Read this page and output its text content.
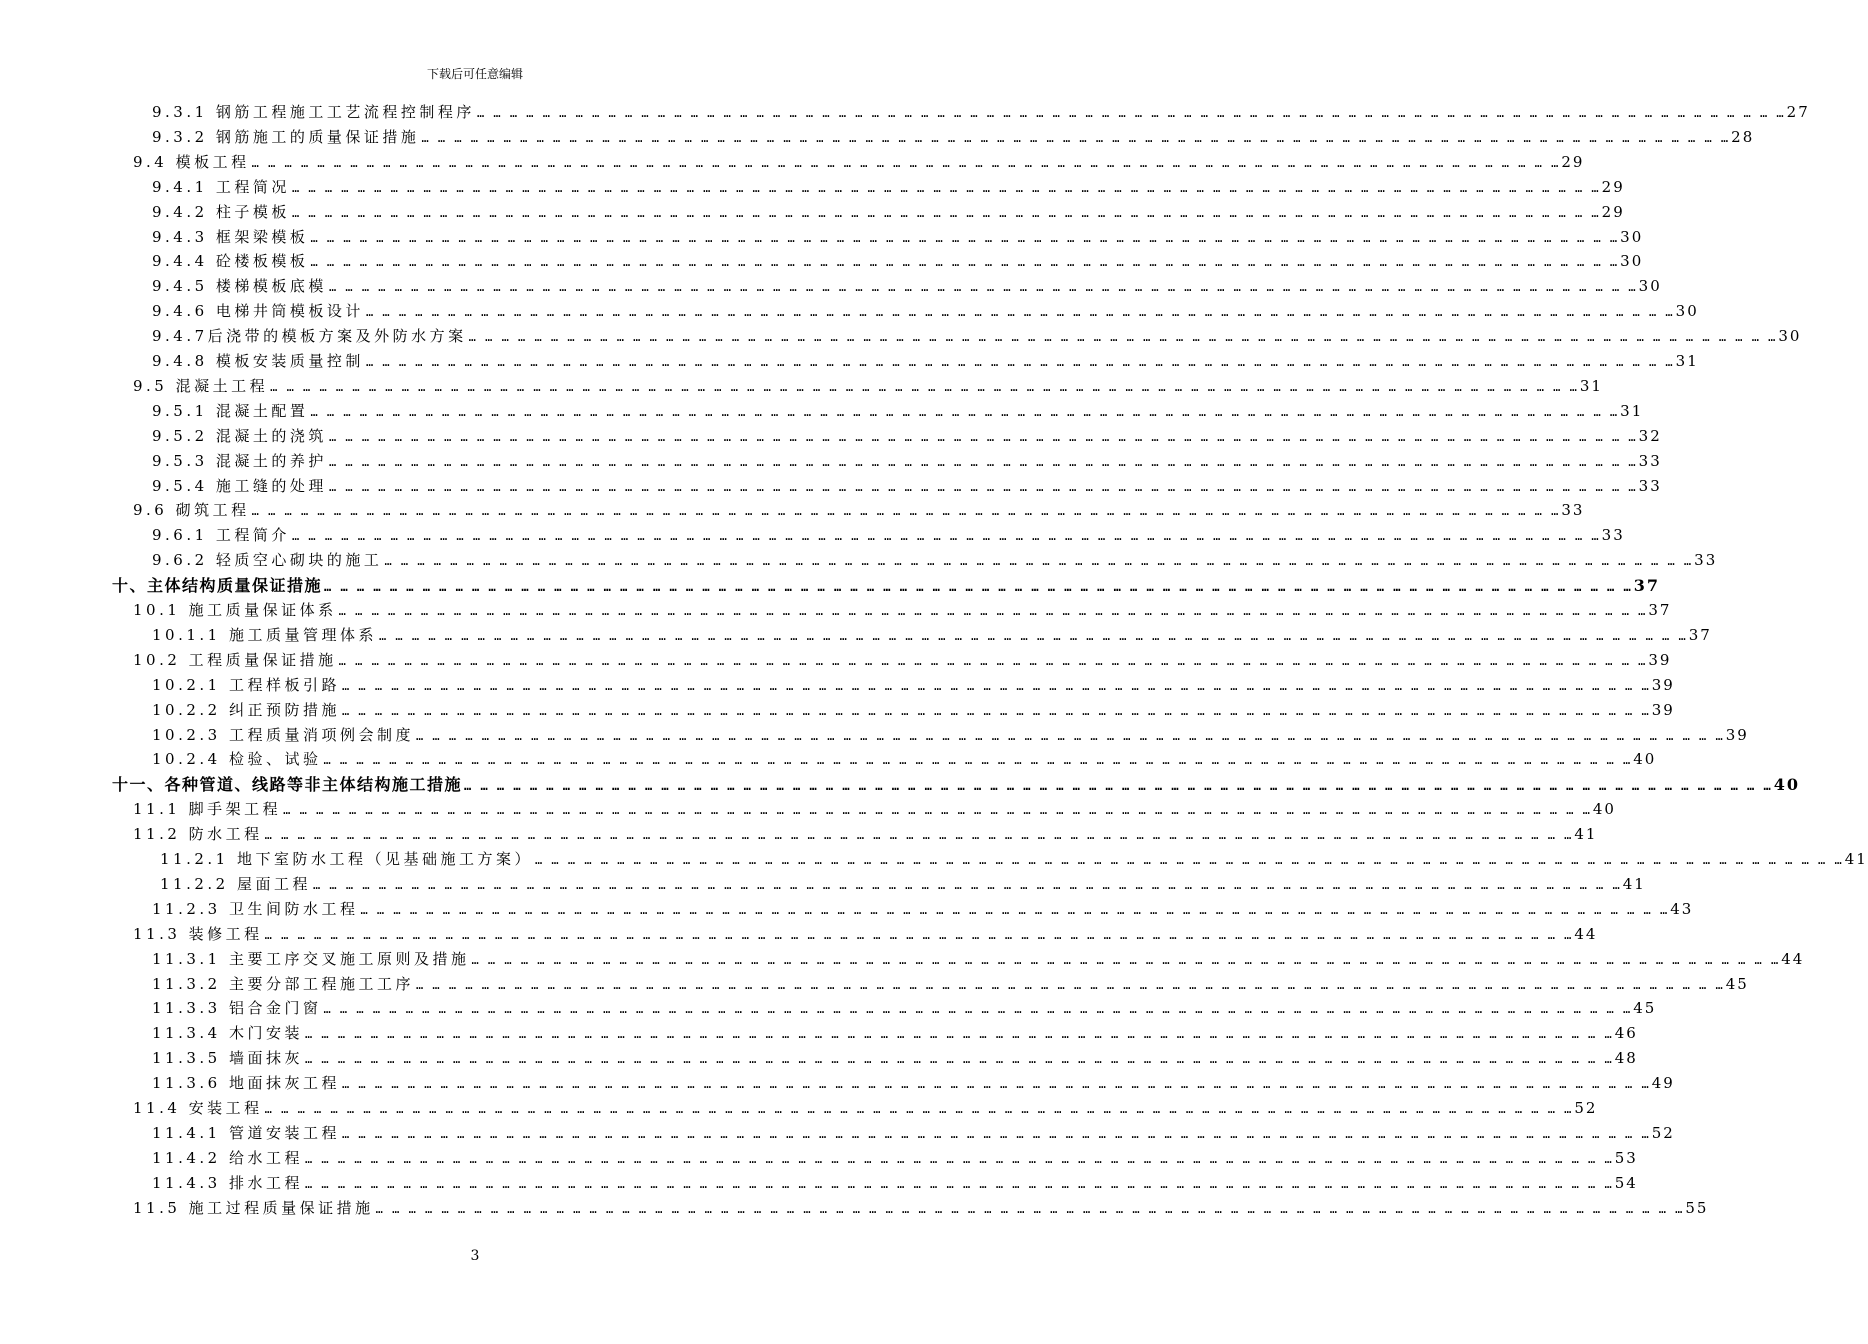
下载后可任意编辑
9.3.1 钢筋工程施工工艺流程控制程序 … … … … … … … … … … … … … … … … … … … … … … … … … … … … … … … … … … … … … … … … … … … … … … … … … … … … … … … … … … … … … … … … … … … … … … … … … … … … … … … … 27
9.3.2 钢筋施工的质量保证措施 … … … … … … … … … … … … … … … … … … … … … … … … … … … … … … … … … … … … … … … … … … … … … … … … … … … … … … … … … … … … … … … … … … … … … … … … … … … … … … … … 28
9.4 模板工程 … … … … … … … … … … … … … … … … … … … … … … … … … … … … … … … … … … … … … … … … … … … … … … … … … … … … … … … … … … … … … … … … … … … … … … … … … … … … … … … … 29
9.4.1 工程简况 … … … … … … … … … … … … … … … … … … … … … … … … … … … … … … … … … … … … … … … … … … … … … … … … … … … … … … … … … … … … … … … … … … … … … … … … … … … … … … … … 29
9.4.2 柱子模板 … … … … … … … … … … … … … … … … … … … … … … … … … … … … … … … … … … … … … … … … … … … … … … … … … … … … … … … … … … … … … … … … … … … … … … … … … … … … … … … … 29
9.4.3 框架梁模板 … … … … … … … … … … … … … … … … … … … … … … … … … … … … … … … … … … … … … … … … … … … … … … … … … … … … … … … … … … … … … … … … … … … … … … … … … … … … … … … … 30
9.4.4 砼楼板模板 … … … … … … … … … … … … … … … … … … … … … … … … … … … … … … … … … … … … … … … … … … … … … … … … … … … … … … … … … … … … … … … … … … … … … … … … … … … … … … … … 30
9.4.5 楼梯模板底模 … … … … … … … … … … … … … … … … … … … … … … … … … … … … … … … … … … … … … … … … … … … … … … … … … … … … … … … … … … … … … … … … … … … … … … … … … … … … … … … … 30
9.4.6 电梯井筒模板设计 … … … … … … … … … … … … … … … … … … … … … … … … … … … … … … … … … … … … … … … … … … … … … … … … … … … … … … … … … … … … … … … … … … … … … … … … … … … … … … … … 30
9.4.7后浇带的模板方案及外防水方案 … … … … … … … … … … … … … … … … … … … … … … … … … … … … … … … … … … … … … … … … … … … … … … … … … … … … … … … … … … … … … … … … … … … … … … … … … … … … … … … … 30
9.4.8 模板安装质量控制 … … … … … … … … … … … … … … … … … … … … … … … … … … … … … … … … … … … … … … … … … … … … … … … … … … … … … … … … … … … … … … … … … … … … … … … … … … … … … … … … 31
9.5 混凝土工程 … … … … … … … … … … … … … … … … … … … … … … … … … … … … … … … … … … … … … … … … … … … … … … … … … … … … … … … … … … … … … … … … … … … … … … … … … … … … … … … … 31
9.5.1 混凝土配置 … … … … … … … … … … … … … … … … … … … … … … … … … … … … … … … … … … … … … … … … … … … … … … … … … … … … … … … … … … … … … … … … … … … … … … … … … … … … … … … … 31
9.5.2 混凝土的浇筑 … … … … … … … … … … … … … … … … … … … … … … … … … … … … … … … … … … … … … … … … … … … … … … … … … … … … … … … … … … … … … … … … … … … … … … … … … … … … … … … … 32
9.5.3 混凝土的养护 … … … … … … … … … … … … … … … … … … … … … … … … … … … … … … … … … … … … … … … … … … … … … … … … … … … … … … … … … … … … … … … … … … … … … … … … … … … … … … … … 33
9.5.4 施工缝的处理 … … … … … … … … … … … … … … … … … … … … … … … … … … … … … … … … … … … … … … … … … … … … … … … … … … … … … … … … … … … … … … … … … … … … … … … … … … … … … … … … 33
9.6 砌筑工程 … … … … … … … … … … … … … … … … … … … … … … … … … … … … … … … … … … … … … … … … … … … … … … … … … … … … … … … … … … … … … … … … … … … … … … … … … … … … … … … … 33
9.6.1 工程简介 … … … … … … … … … … … … … … … … … … … … … … … … … … … … … … … … … … … … … … … … … … … … … … … … … … … … … … … … … … … … … … … … … … … … … … … … … … … … … … … … 33
9.6.2 轻质空心砌块的施工 … … … … … … … … … … … … … … … … … … … … … … … … … … … … … … … … … … … … … … … … … … … … … … … … … … … … … … … … … … … … … … … … … … … … … … … … … … … … … … … … 33
十、主体结构质量保证措施 … … … … … … … … … … … … … … … … … … … … … … … … … … … … … … … … … … … … … … … … … … … … … … … … … … … … … … … … … … … … … … … … … … … … … … … … … … … … … … … … 37
10.1 施工质量保证体系 … … … … … … … … … … … … … … … … … … … … … … … … … … … … … … … … … … … … … … … … … … … … … … … … … … … … … … … … … … … … … … … … … … … … … … … … … … … … … … … … 37
10.1.1 施工质量管理体系 … … … … … … … … … … … … … … … … … … … … … … … … … … … … … … … … … … … … … … … … … … … … … … … … … … … … … … … … … … … … … … … … … … … … … … … … … … … … … … … … 37
10.2 工程质量保证措施 … … … … … … … … … … … … … … … … … … … … … … … … … … … … … … … … … … … … … … … … … … … … … … … … … … … … … … … … … … … … … … … … … … … … … … … … … … … … … … … … 39
10.2.1 工程样板引路 … … … … … … … … … … … … … … … … … … … … … … … … … … … … … … … … … … … … … … … … … … … … … … … … … … … … … … … … … … … … … … … … … … … … … … … … … … … … … … … … 39
10.2.2 纠正预防措施 … … … … … … … … … … … … … … … … … … … … … … … … … … … … … … … … … … … … … … … … … … … … … … … … … … … … … … … … … … … … … … … … … … … … … … … … … … … … … … … … 39
10.2.3 工程质量消项例会制度 … … … … … … … … … … … … … … … … … … … … … … … … … … … … … … … … … … … … … … … … … … … … … … … … … … … … … … … … … … … … … … … … … … … … … … … … … … … … … … … … 39
10.2.4 检验、试验 … … … … … … … … … … … … … … … … … … … … … … … … … … … … … … … … … … … … … … … … … … … … … … … … … … … … … … … … … … … … … … … … … … … … … … … … … … … … … … … … 40
十一、各种管道、线路等非主体结构施工措施 … … … … … … … … … … … … … … … … … … … … … … … … … … … … … … … … … … … … … … … … … … … … … … … … … … … … … … … … … … … … … … … … … … … … … … … … … … … … … … … … 40
11.1 脚手架工程 … … … … … … … … … … … … … … … … … … … … … … … … … … … … … … … … … … … … … … … … … … … … … … … … … … … … … … … … … … … … … … … … … … … … … … … … … … … … … … … … 40
11.2 防水工程 … … … … … … … … … … … … … … … … … … … … … … … … … … … … … … … … … … … … … … … … … … … … … … … … … … … … … … … … … … … … … … … … … … … … … … … … … … … … … … … … 41
11.2.1 地下室防水工程（见基础施工方案） … … … … … … … … … … … … … … … … … … … … … … … … … … … … … … … … … … … … … … … … … … … … … … … … … … … … … … … … … … … … … … … … … … … … … … … … … … … … … … … … 41
11.2.2 屋面工程 … … … … … … … … … … … … … … … … … … … … … … … … … … … … … … … … … … … … … … … … … … … … … … … … … … … … … … … … … … … … … … … … … … … … … … … … … … … … … … … … 41
11.2.3 卫生间防水工程 … … … … … … … … … … … … … … … … … … … … … … … … … … … … … … … … … … … … … … … … … … … … … … … … … … … … … … … … … … … … … … … … … … … … … … … … … … … … … … … … 43
11.3 装修工程 … … … … … … … … … … … … … … … … … … … … … … … … … … … … … … … … … … … … … … … … … … … … … … … … … … … … … … … … … … … … … … … … … … … … … … … … … … … … … … … … 44
11.3.1 主要工序交叉施工原则及措施 … … … … … … … … … … … … … … … … … … … … … … … … … … … … … … … … … … … … … … … … … … … … … … … … … … … … … … … … … … … … … … … … … … … … … … … … … … … … … … … … 44
11.3.2 主要分部工程施工工序 … … … … … … … … … … … … … … … … … … … … … … … … … … … … … … … … … … … … … … … … … … … … … … … … … … … … … … … … … … … … … … … … … … … … … … … … … … … … … … … … 45
11.3.3 铝合金门窗 … … … … … … … … … … … … … … … … … … … … … … … … … … … … … … … … … … … … … … … … … … … … … … … … … … … … … … … … … … … … … … … … … … … … … … … … … … … … … … … … 45
11.3.4 木门安装 … … … … … … … … … … … … … … … … … … … … … … … … … … … … … … … … … … … … … … … … … … … … … … … … … … … … … … … … … … … … … … … … … … … … … … … … … … … … … … … … 46
11.3.5 墙面抹灰 … … … … … … … … … … … … … … … … … … … … … … … … … … … … … … … … … … … … … … … … … … … … … … … … … … … … … … … … … … … … … … … … … … … … … … … … … … … … … … … … 48
11.3.6 地面抹灰工程 … … … … … … … … … … … … … … … … … … … … … … … … … … … … … … … … … … … … … … … … … … … … … … … … … … … … … … … … … … … … … … … … … … … … … … … … … … … … … … … … 49
11.4 安装工程 … … … … … … … … … … … … … … … … … … … … … … … … … … … … … … … … … … … … … … … … … … … … … … … … … … … … … … … … … … … … … … … … … … … … … … … … … … … … … … … … 52
11.4.1 管道安装工程 … … … … … … … … … … … … … … … … … … … … … … … … … … … … … … … … … … … … … … … … … … … … … … … … … … … … … … … … … … … … … … … … … … … … … … … … … … … … … … … … 52
11.4.2 给水工程 … … … … … … … … … … … … … … … … … … … … … … … … … … … … … … … … … … … … … … … … … … … … … … … … … … … … … … … … … … … … … … … … … … … … … … … … … … … … … … … … 53
11.4.3 排水工程 … … … … … … … … … … … … … … … … … … … … … … … … … … … … … … … … … … … … … … … … … … … … … … … … … … … … … … … … … … … … … … … … … … … … … … … … … … … … … … … … 54
11.5 施工过程质量保证措施 … … … … … … … … … … … … … … … … … … … … … … … … … … … … … … … … … … … … … … … … … … … … … … … … … … … … … … … … … … … … … … … … … … … … … … … … … … … … … … … … 55
3
